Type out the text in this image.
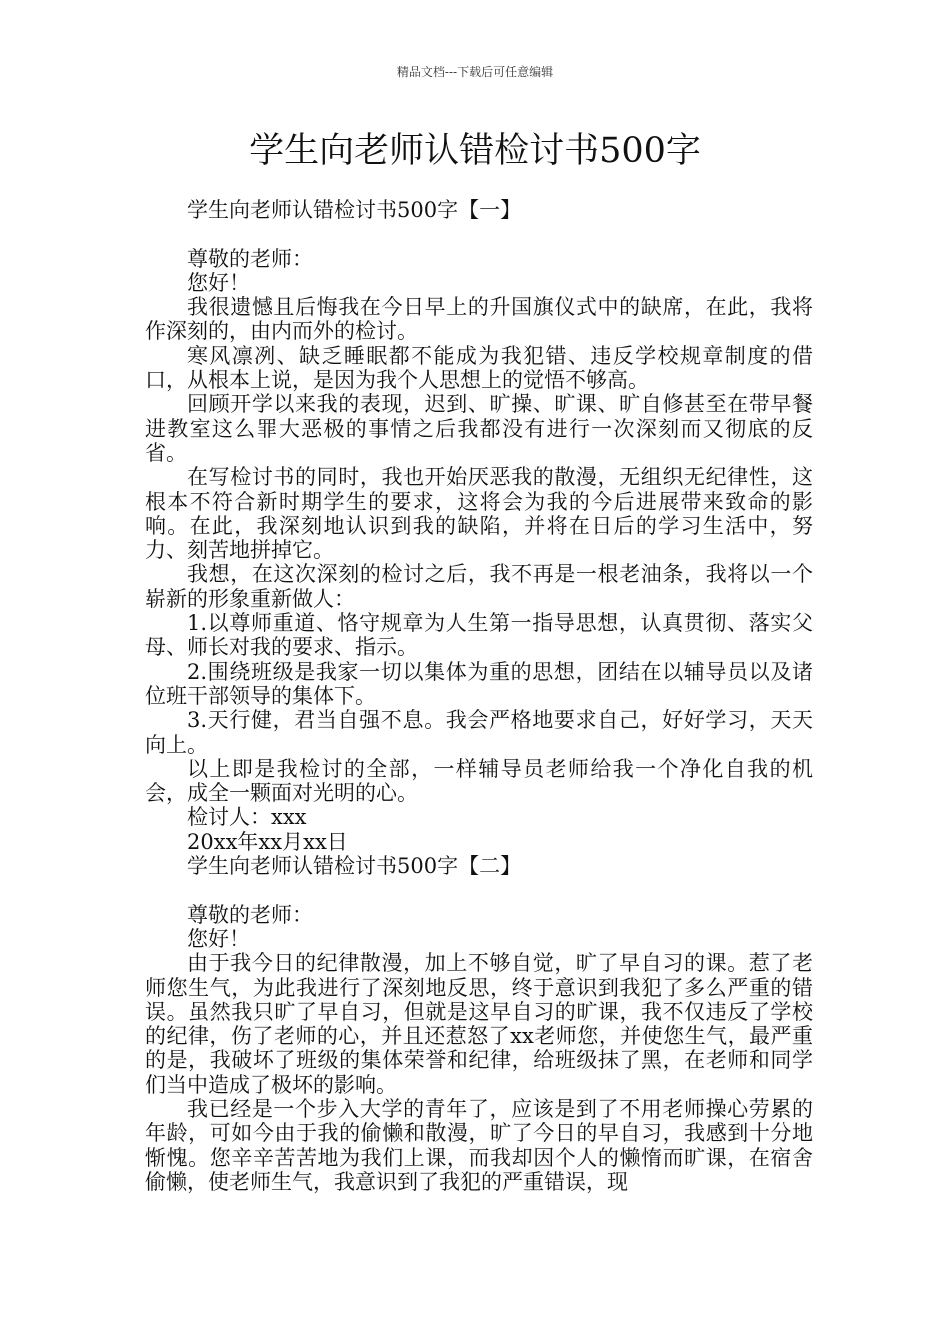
精品文档---下载后可任意编辑
学生向老师认错检讨书500字

学生向老师认错检讨书500字【一】

尊敬的老师：

您好！

我很遗憾且后悔我在今日早上的升国旗仪式中的缺席，在此，我将作深刻的，由内而外的检讨。

寒风凛冽、缺乏睡眠都不能成为我犯错、违反学校规章制度的借口，从根本上说，是因为我个人思想上的觉悟不够高。

回顾开学以来我的表现，迟到、旷操、旷课、旷自修甚至在带早餐进教室这么罪大恶极的事情之后我都没有进行一次深刻而又彻底的反省。

在写检讨书的同时，我也开始厌恶我的散漫，无组织无纪律性，这根本不符合新时期学生的要求，这将会为我的今后进展带来致命的影响。在此，我深刻地认识到我的缺陷，并将在日后的学习生活中，努力、刻苦地拼掉它。

我想，在这次深刻的检讨之后，我不再是一根老油条，我将以一个崭新的形象重新做人：

1.以尊师重道、恪守规章为人生第一指导思想，认真贯彻、落实父母、师长对我的要求、指示。

2.围绕班级是我家一切以集体为重的思想，团结在以辅导员以及诸位班干部领导的集体下。

3.天行健，君当自强不息。我会严格地要求自己，好好学习，天天向上。

以上即是我检讨的全部，一样辅导员老师给我一个净化自我的机会，成全一颗面对光明的心。

检讨人：xxx

20xx年xx月xx日

学生向老师认错检讨书500字【二】

尊敬的老师：

您好！

由于我今日的纪律散漫，加上不够自觉，旷了早自习的课。惹了老师您生气，为此我进行了深刻地反思，终于意识到我犯了多么严重的错误。虽然我只旷了早自习，但就是这早自习的旷课，我不仅违反了学校的纪律，伤了老师的心，并且还惹怒了xx老师您，并使您生气，最严重的是，我破坏了班级的集体荣誉和纪律，给班级抹了黑，在老师和同学们当中造成了极坏的影响。

我已经是一个步入大学的青年了，应该是到了不用老师操心劳累的年龄，可如今由于我的偷懒和散漫，旷了今日的早自习，我感到十分地惭愧。您辛辛苦苦地为我们上课，而我却因个人的懒惰而旷课，在宿舍偷懒，使老师生气，我意识到了我犯的严重错误，现
